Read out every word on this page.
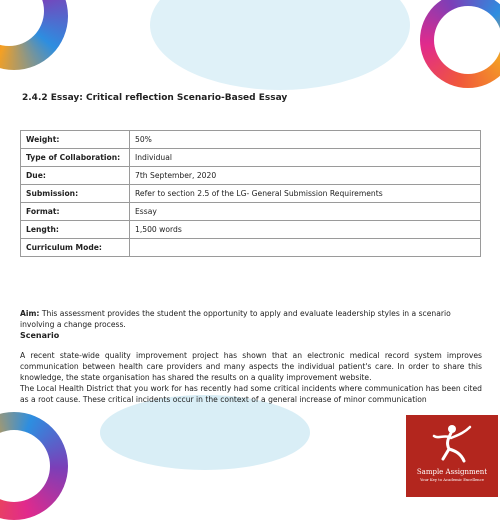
2.4.2 Essay: Critical reflection Scenario-Based Essay
Weight:	50%
Type of Collaboration:	Individual
Due:	7th September, 2020
Submission:	Refer to section 2.5 of the LG- General Submission Requirements
Format:	Essay
Length:	1,500 words
Curriculum Mode:	
Aim: This assessment provides the student the opportunity to apply and evaluate leadership styles in a scenario involving a change process.
Scenario

A recent state-wide quality improvement project has shown that an electronic medical record system improves communication between health care providers and many aspects the individual patient's care. In order to share this knowledge, the state organisation has shared the results on a quality improvement website.

The Local Health District that you work for has recently had some critical incidents where communication has been cited as a root cause. These critical incidents occur in the context of a general increase of minor communication

Sample Assignment
Your Key to Academic Excellence
